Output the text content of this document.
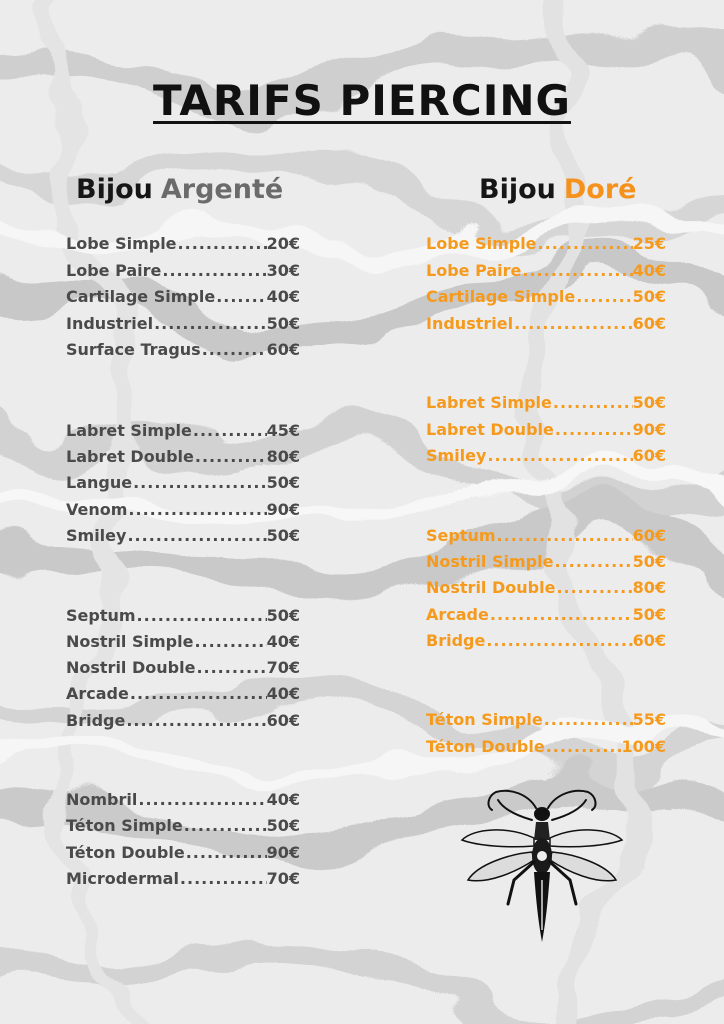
TARIFS PIERCING
Bijou Argenté
Lobe Simple .....	20€
Lobe Paire .....	30€
Cartilage Simple .....	40€
Industriel .....	50€
Surface Tragus .....	60€
Labret Simple .....	45€
Labret Double .....	80€
Langue .....	50€
Venom .....	90€
Smiley .....	50€
Septum .....	50€
Nostril Simple .....	40€
Nostril Double .....	70€
Arcade .....	40€
Bridge .....	60€
Nombril .....	40€
Téton Simple .....	50€
Téton Double .....	90€
Microdermal .....	70€
Bijou Doré
Lobe Simple .....	25€
Lobe Paire .....	40€
Cartilage Simple .....	50€
Industriel .....	60€
Labret Simple .....	50€
Labret Double .....	90€
Smiley .....	60€
Septum .....	60€
Nostril Simple .....	50€
Nostril Double .....	80€
Arcade .....	50€
Bridge .....	60€
Téton Simple .....	55€
Téton Double .....	100€
